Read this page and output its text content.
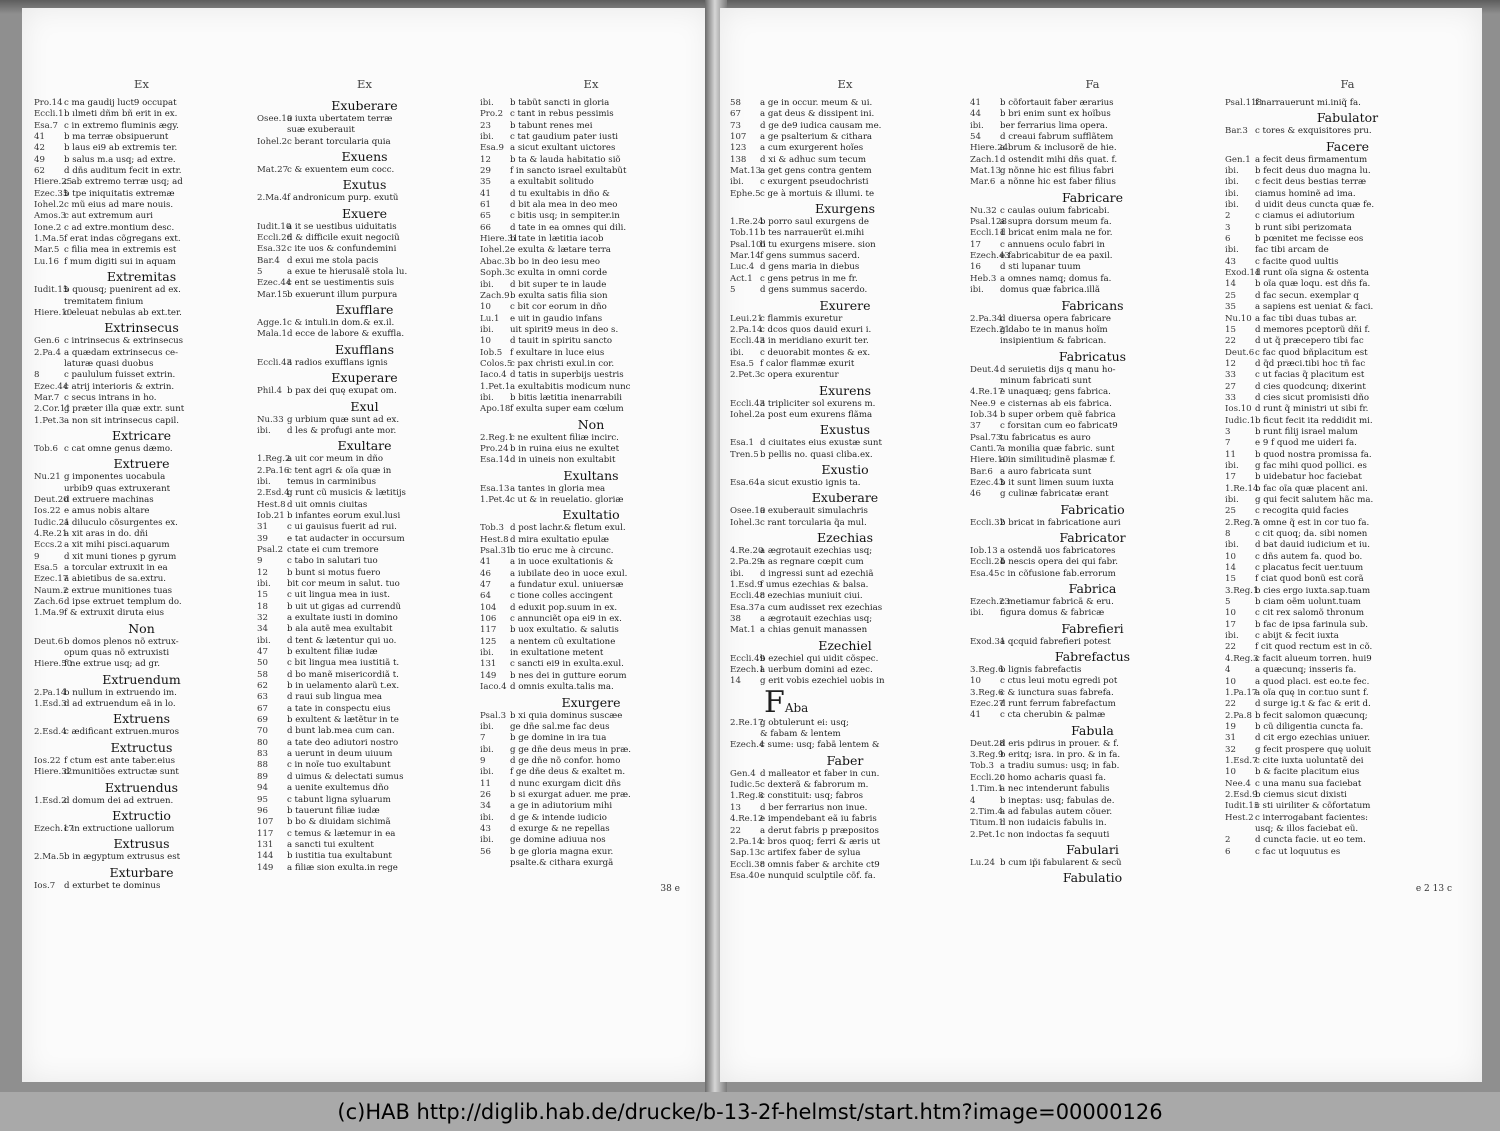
Ex
Pro.14c ma gaudij luct9 occupat
Eccli.1b ılmeti dñm bñ erit in ex.
Esa.7 c in extremo fluminis ægy.
41 b ma terræ obsipuerunt
42 b laus ei9 ab extremis ter.
49 b salus m.a usq; ad extre.
62 d dñs auditum fecit in extr.
Hiere.25c ab extremo terræ usq; ad
Ezec.35b tpe iniquitatis extremæ
Iohel.2c mũ eius ad mare nouis.
Amos.3c aut extremum auri
Ione.2 c ad extre.montium desc.
1.Ma.5f erat indas cõgregans ext.
Mar.5 c filia mea in extremis est
Lu.16 f mum digiti sui in aquam
Extremitas
Iudit.15b quousq; puenirent ad ex.
tremitatem finium
Hiere.10c eleuat nebulas ab ext.ter.
Extrinsecus
Gen.6 c intrinsecus & extrinsecus
2.Pa.4 a quædam extrinsecus ce-
laturæ quasi duobus
8	c paululum fuisset extrin.
Ezec.44c atrij interioris & extrin.
Mar.7 c secus intrans in ho.
2.Cor.11g præter illa quæ extr. sunt
1.Pet.3a non sit intrinsecus capil.
Extricare
Tob.6 c cat omne genus dæmo.
Extruere
Nu.21 g imponentes uocabula
urbib9 quas extruxerant
Deut.20d extruere machinas
Ios.22 e amus nobis altare
Iudic.21a diluculo cõsurgentes ex.
4.Re.21a xit aras in do. dñi
Eccs.2a xit mihi pisci.aquarum
9	d xit muni tiones p gyrum
Esa.5 a torcular extruxit in ea
Ezec.17a abietibus de sa.extru.
Naum.2c extrue munitiones tuas
Zach.6d ipse extruet templum do.
1.Ma.9f & extruxit diruta eius
Non
Deut.6b domos plenos nõ extrux-
opum quas nõ extruxisti
Hiere.50f ne extrue usq; ad gr.
Extruendum
2.Pa.14b nullum in extruendo im.
1.Esd.3d ad extruendum eã in lo.
Extruens
2.Esd.4c ædificant extruen.muros
Extructus
Ios.22 f ctum est ante taber.eius
Hiere.32d munitiões extructæ sunt
Extruendus
1.Esd.2d domum dei ad extruen.
Extructio
Ezech.17c in extructione uallorum
Extrusus
2.Ma.5b in ægyptum extrusus est
Exturbare
Ios.7 d exturbet te dominus
Ex
Exuberare
Osee.10a iuxta ubertatem terræ
suæ exuberauit
Iohel.2c berant torcularia quia
Exuens
Mat.27c & exuentem eum cocc.
Exutus
2.Ma.4f andronicum purp. exutũ
Exuere
Iudit.10a it se uestibus uiduitatis
Eccli.26d & difficile exuit negociũ
Esa.32c ite uos & confundemini
Bar.4 d exui me stola pacis
5	a exue te hierusalẽ stola lu.
Ezec.44c ent se uestimentis suis
Mar.15b exuerunt illum purpura
Exufflare
Agge.1c & intuli.in dom.& ex.il.
Mala.1d ecce de labore & exuffla.
Exufflans
Eccli.43a radios exufflans ignis
Exuperare
Phil.4 b pax dei quę exupat om.
Exul
Nu.33 g urbium quæ sunt ad ex.
ibi. d les & profugi ante mor.
Exultare
1.Reg.2a uit cor meum in dño
2.Pa.16c tent agri & oĩa quæ in
ibi. temus in carminibus
2.Esd.4g runt cũ musicis & lætitijs
Hest.8d uit omnis ciuitas
Iob.21 b infantes eorum exul.lusi
31 c ui gauisus fuerit ad rui.
39 e tat audacter in occursum
Psal.2 ctate ei cum tremore
9	c tabo in salutari tuo
12 b bunt si motus fuero
ibi. bit cor meum in salut. tuo
15 c uit lingua mea in iust.
18 b uit ut gigas ad currendũ
32 a exultate iusti in domino
34 b ala autẽ mea exultabit
ibi. d tent & lætentur qui uo.
47 b exultent filiæ iudæ
50 c bit lingua mea iustitiã t.
58 d bo manẽ misericordiã t.
62 b in uelamento alarũ t.ex.
63 d raui sub lingua mea
67 a tate in conspectu eius
69 b exultent & lætẽtur in te
70 d bunt lab.mea cum can.
80 a tate deo adiutori nostro
83 a uerunt in deum uiuum
88 c in noĩe tuo exultabunt
89 d uimus & delectati sumus
94 a uenite exultemus dño
95 c tabunt ligna syluarum
96 b tauerunt filiæ iudæ
107 b bo & diuidam sichimã
117 c temus & lætemur in ea
131 a sancti tui exultent
144 b iustitia tua exultabunt
149 a filiæ sion exulta.in rege
Ex
ibi. b tabũt sancti in gloria
Pro.2 c tant in rebus pessimis
23 b tabunt renes mei
ibi. c tat gaudium pater iusti
Esa.9 a sicut exultant uictores
12 b ta & lauda habitatio siõ
29 f in sancto israel exultabũt
35 a exultabit solitudo
41 d tu exultabis in dño &
61 d bit ala mea in deo meo
65 c bitis usq; in sempiter.in
66 d tate in ea omnes qui dili.
Hiere.31b tate in lætitia iacob
Iohel.2e exulta & lætare terra
Abac.3b bo in deo iesu meo
Soph.3c exulta in omni corde
ibi. d bit super te in laude
Zach.9b exulta satis filia sion
10 c bit cor eorum in dño
Lu.1 e uit in gaudio infans
ibi. uit spirit9 meus in deo s.
10 d tauit in spiritu sancto
Iob.5 f exultare in luce eius
Colos.5c pax christi exul.in cor.
Iaco.4 d tatis in superbijs uestris
1.Pet.1a exultabitis modicum nunc
ibi. b bitis lætitia inenarrabili
Apo.18f exulta super eam cœlum
Non
2.Reg.1c ne exultent filiæ incirc.
Pro.24b in ruina eius ne exultet
Esa.14d in uineis non exultabit
Exultans
Esa.13a tantes in gloria mea
1.Pet.4c ut & in reuelatio. gloriæ
Exultatio
Tob.3 d post lachr.& fletum exul.
Hest.8d mira exultatio epulæ
Psal.31b tio eruc me à circunc.
41 a in uoce exultationis &
46 a iubilate deo in uoce exul.
47 a fundatur exul. uniuersæ
64 c tione colles accingent
104 d eduxit pop.suum in ex.
106 c annunciẽt opa ei9 in ex.
117 b uox exultatio. & salutis
125 a nentem cũ exultatione
ibi. in exultatione metent
131 c sancti ei9 in exulta.exul.
149 b nes dei in gutture eorum
Iaco.4 d omnis exulta.talis ma.
Exurgere
Psal.3 b xi quia dominus suscæe
ibi. ge dñe sal.me fac deus
7	b ge domine in ira tua
ibi. g ge dñe deus meus in præ.
9	d ge dñe nõ confor. homo
ibi. f ge dñe deus & exaltet m.
11 d nunc exurgam dicit dñs
26 b si exurgat aduer. me præ.
34 a ge in adiutorium mihi
ibi. d ge & intende iudicio
43 d exurge & ne repellas
ibi. ge domine adiuua nos
56 b ge gloria magna exur.
psalte.& cithara exurgã
38 e
Ex
58 a ge in occur. meum & ui.
67 a gat deus & dissipent ini.
73 d ge de9 iudica causam me.
107 a ge psalterium & cithara
123 a cum exurgerent hoĩes
138 d xi & adhuc sum tecum
Mat.13a get gens contra gentem
ibi. c exurgent pseudochristi
Ephe.5c ge à mortuis & illumi. te
Exurgens
1.Re.24b porro saul exurgens de
Tob.11b tes narrauerũt ei.mihi
Psal.101b tu exurgens misere. sion
Mar.14f gens summus sacerd.
Luc.4 d gens maria in diebus
Act.1 c gens petrus in me fr.
5	d gens summus sacerdo.
Exurere
Leui.21c flammis exuretur
2.Pa.14c dcos quos dauid exuri i.
Eccli.43a in meridiano exurit ter.
ibi. c deuorabit montes & ex.
Esa.5 f calor flammæ exurit
2.Pet.3c opera exurentur
Exurens
Eccli.43a tripliciter sol exurens m.
Iohel.2a post eum exurens flãma
Exustus
Esa.1 d ciuitates eius exustæ sunt
Tren.5b pellis no. quasi cliba.ex.
Exustio
Esa.64a sicut exustio ignis ta.
Exuberare
Osee.10a exuberauit simulachris
Iohel.3c rant torcularia q̃a mul.
Ezechias
4.Re.20a ægrotauit ezechias usq;
2.Pa.29a as regnare cœpit cum
ibi. d ingressi sunt ad ezechiã
1.Esd.9f umus ezechias & balsa.
Eccli.48c ezechias muniuit ciui.
Esa.37a cum audisset rex ezechias
38 a ægrotauit ezechias usq;
Mat.1 a chias genuit manassen
Ezechiel
Eccli.49b ezechiel qui uidit cõspec.
Ezech.1a uerbum domini ad ezec.
14 g erit vobis ezechiel uobis in
FAba
2.Re.17g obtulerunt ei: usq;
& fabam & lentem
Ezech.4c sume: usq; fabã lentem &
Faber
Gen.4 d malleator et faber in cun.
Iudic.5c dexterã & fabrorum m.
1.Reg.8c constituit: usq; fabros
13 d ber ferrarius non inue.
4.Re.12e impendebant eã iu fabris
22 a derut fabris p præpositos
2.Pa.14c bros quoq; ferri & æris ut
Sap.13c artifex faber de sylua
Eccli.38c omnis faber & archite ct9
Esa.40e nunquid sculptile cõf. fa.
Fa
41 b cõfortauit faber ærarius
44 b bri enim sunt ex hoĩbus
ibi. ber ferrarius lima opera.
54 d creaui fabrum sufflãtem
Hiere.24a brum & inclusorẽ de hie.
Zach.1d ostendit mihi dñs quat. f.
Mat.13g nõnne hic est filius fabri
Mar.6 a nõnne hic est faber filius
Fabricare
Nu.32 c caulas ouium fabricabi.
Psal.128a supra dorsum meum fa.
Eccli.11d bricat enim mala ne for.
17 c annuens oculo fabri in
Ezech.43e fabricabitur de ea paxil.
16 d sti lupanar tuum
Heb.3 a omnes namq; domus fa.
ibi. domus quæ fabrica.illã
Fabricans
2.Pa.34d diuersa opera fabricare
Ezech.21g dabo te in manus hoĩm
insipientium & fabrican.
Fabricatus
Deut.4d seruietis dijs q manu ho-
minum fabricati sunt
4.Re.17e unaquæq; gens fabrica.
Nee.9 e cisternas ab eis fabrica.
Iob.34 b super orbem quẽ fabrica
37 c forsitan cum eo fabricat9
Psal.73tu fabricatus es auro
Canti.7a monilia quæ fabric. sunt
Hiere.10a in similitudinẽ plasmæ f.
Bar.6 a auro fabricata sunt
Ezec.43b it sunt limen suum iuxta
46 g culinæ fabricatæ erant
Fabricatio
Eccli.32b bricat in fabricatione auri
Fabricator
Iob.13 a ostendã uos fabricatores
Eccli.24b nescis opera dei qui fabr.
Esa.45c in cõfusione fab.errorum
Fabrica
Ezech.23c metiamur fabricã & eru.
ibi. figura domus & fabricæ
Fabrefieri
Exod.31a qcquid fabrefieri potest
Fabrefactus
3.Reg.6b lignis fabrefactis
10 c ctus leui motu egredi pot
3.Reg.6c & iunctura suas fabrefa.
Ezec.27d runt ferrum fabrefactum
41 c cta cherubin & palmæ
Fabula
Deut.28d eris pdirus in prouer. & f.
3.Reg.9b eritq; isra. in pro. & in fa.
Tob.3 a tradiu sumus: usq; in fab.
Eccli.20c homo acharis quasi fa.
1.Tim.1a nec intenderunt fabulis
4	b ineptas: usq; fabulas de.
2.Tim.4a ad fabulas autem cõuer.
Titum.1d non iudaicis fabulis in.
2.Pet.1c non indoctas fa sequuti
Fabulari
Lu.24 b cum ip̃i fabularent & secũ
Fabulatio
Fa
Psal.118f narrauerunt mi.iniq̃ fa.
Fabulator
Bar.3 c tores & exquisitores pru.
Facere
Gen.1 a fecit deus firmamentum
ibi. b fecit deus duo magna lu.
ibi. c fecit deus bestias terræ
ibi. ciamus hominẽ ad ima.
ibi. d uidit deus cuncta quæ fe.
2	c ciamus ei adiutorium
3	b runt sibi perizomata
6	b pœnitet me fecisse eos
ibi. fac tibi arcam de
43 c facite quod uultis
Exod.11d runt oĩa signa & ostenta
14 b oĩa quæ loqu. est dñs fa.
25 d fac secun. exemplar q
35 a sapiens est ueniat & faci.
Nu.10 a fac tibi duas tubas ar.
15 d memores pceptorũ dñi f.
22 d ut q̃ præcepero tibi fac
Deut.6c fac quod bñplacitum est
12 d q̃d præci.tibi hoc tñ fac
33 c ut facias q̃ placitum est
27 d cies quodcunq; dixerint
33 d cies sicut promisisti dño
Ios.10 d runt q̃ ministri ut sibi fr.
Iudic.1b ficut fecit ita reddidit mi.
3	b runt filij israel malum
7	e 9 f quod me uideri fa.
11 b quod nostra promissa fa.
ibi. g fac mihi quod pollici. es
17 b uidebatur hoc faciebat
1.Re.14b fac oĩa quæ placent ani.
ibi. g qui fecit salutem hãc ma.
25 c recogita quid facies
2.Reg.7a omne q̃ est in cor tuo fa.
8	c cit quoq; da. sibi nomen
ibi. d bat dauid iudicium et iu.
10 c dñs autem fa. quod bo.
14 c placatus fecit uer.tuum
15 f ciat quod bonũ est corã
3.Reg.1b cies ergo iuxta.sap.tuam
5	b ciam oẽm uolunt.tuam
10 c cit rex salomõ thronum
17 b fac de ipsa farinula sub.
ibi. c abijt & fecit iuxta
22 f cit quod rectum est in cõ.
4.Reg.3c facit alueum torren. hui9
4	a quæcunq; insseris fa.
10 a quod placi. est eo.te fec.
1.Pa.17a oĩa quę in cor.tuo sunt f.
22 d surge ig.t & fac & erit d.
2.Pa.8 b fecit salomon quæcunq;
19 b cũ diligentia cuncta fa.
31 d cit ergo ezechias uniuer.
32 g fecit prospere quę uoluit
1.Esd.7c cite iuxta uoluntatẽ dei
10 b & facite placitum eius
Nee.4 c una manu sua faciebat
2.Esd.9b ciemus sicut dixisti
Iudit.15c sti uiriliter & cõfortatum
Hest.2c interrogabant facientes:
usq; & illos faciebat eũ.
2	d cuncta facie. ut eo tem.
6	c fac ut loquutus es
e 2 13 c
(c)HAB http://diglib.hab.de/drucke/b-13-2f-helmst/start.htm?image=00000126
